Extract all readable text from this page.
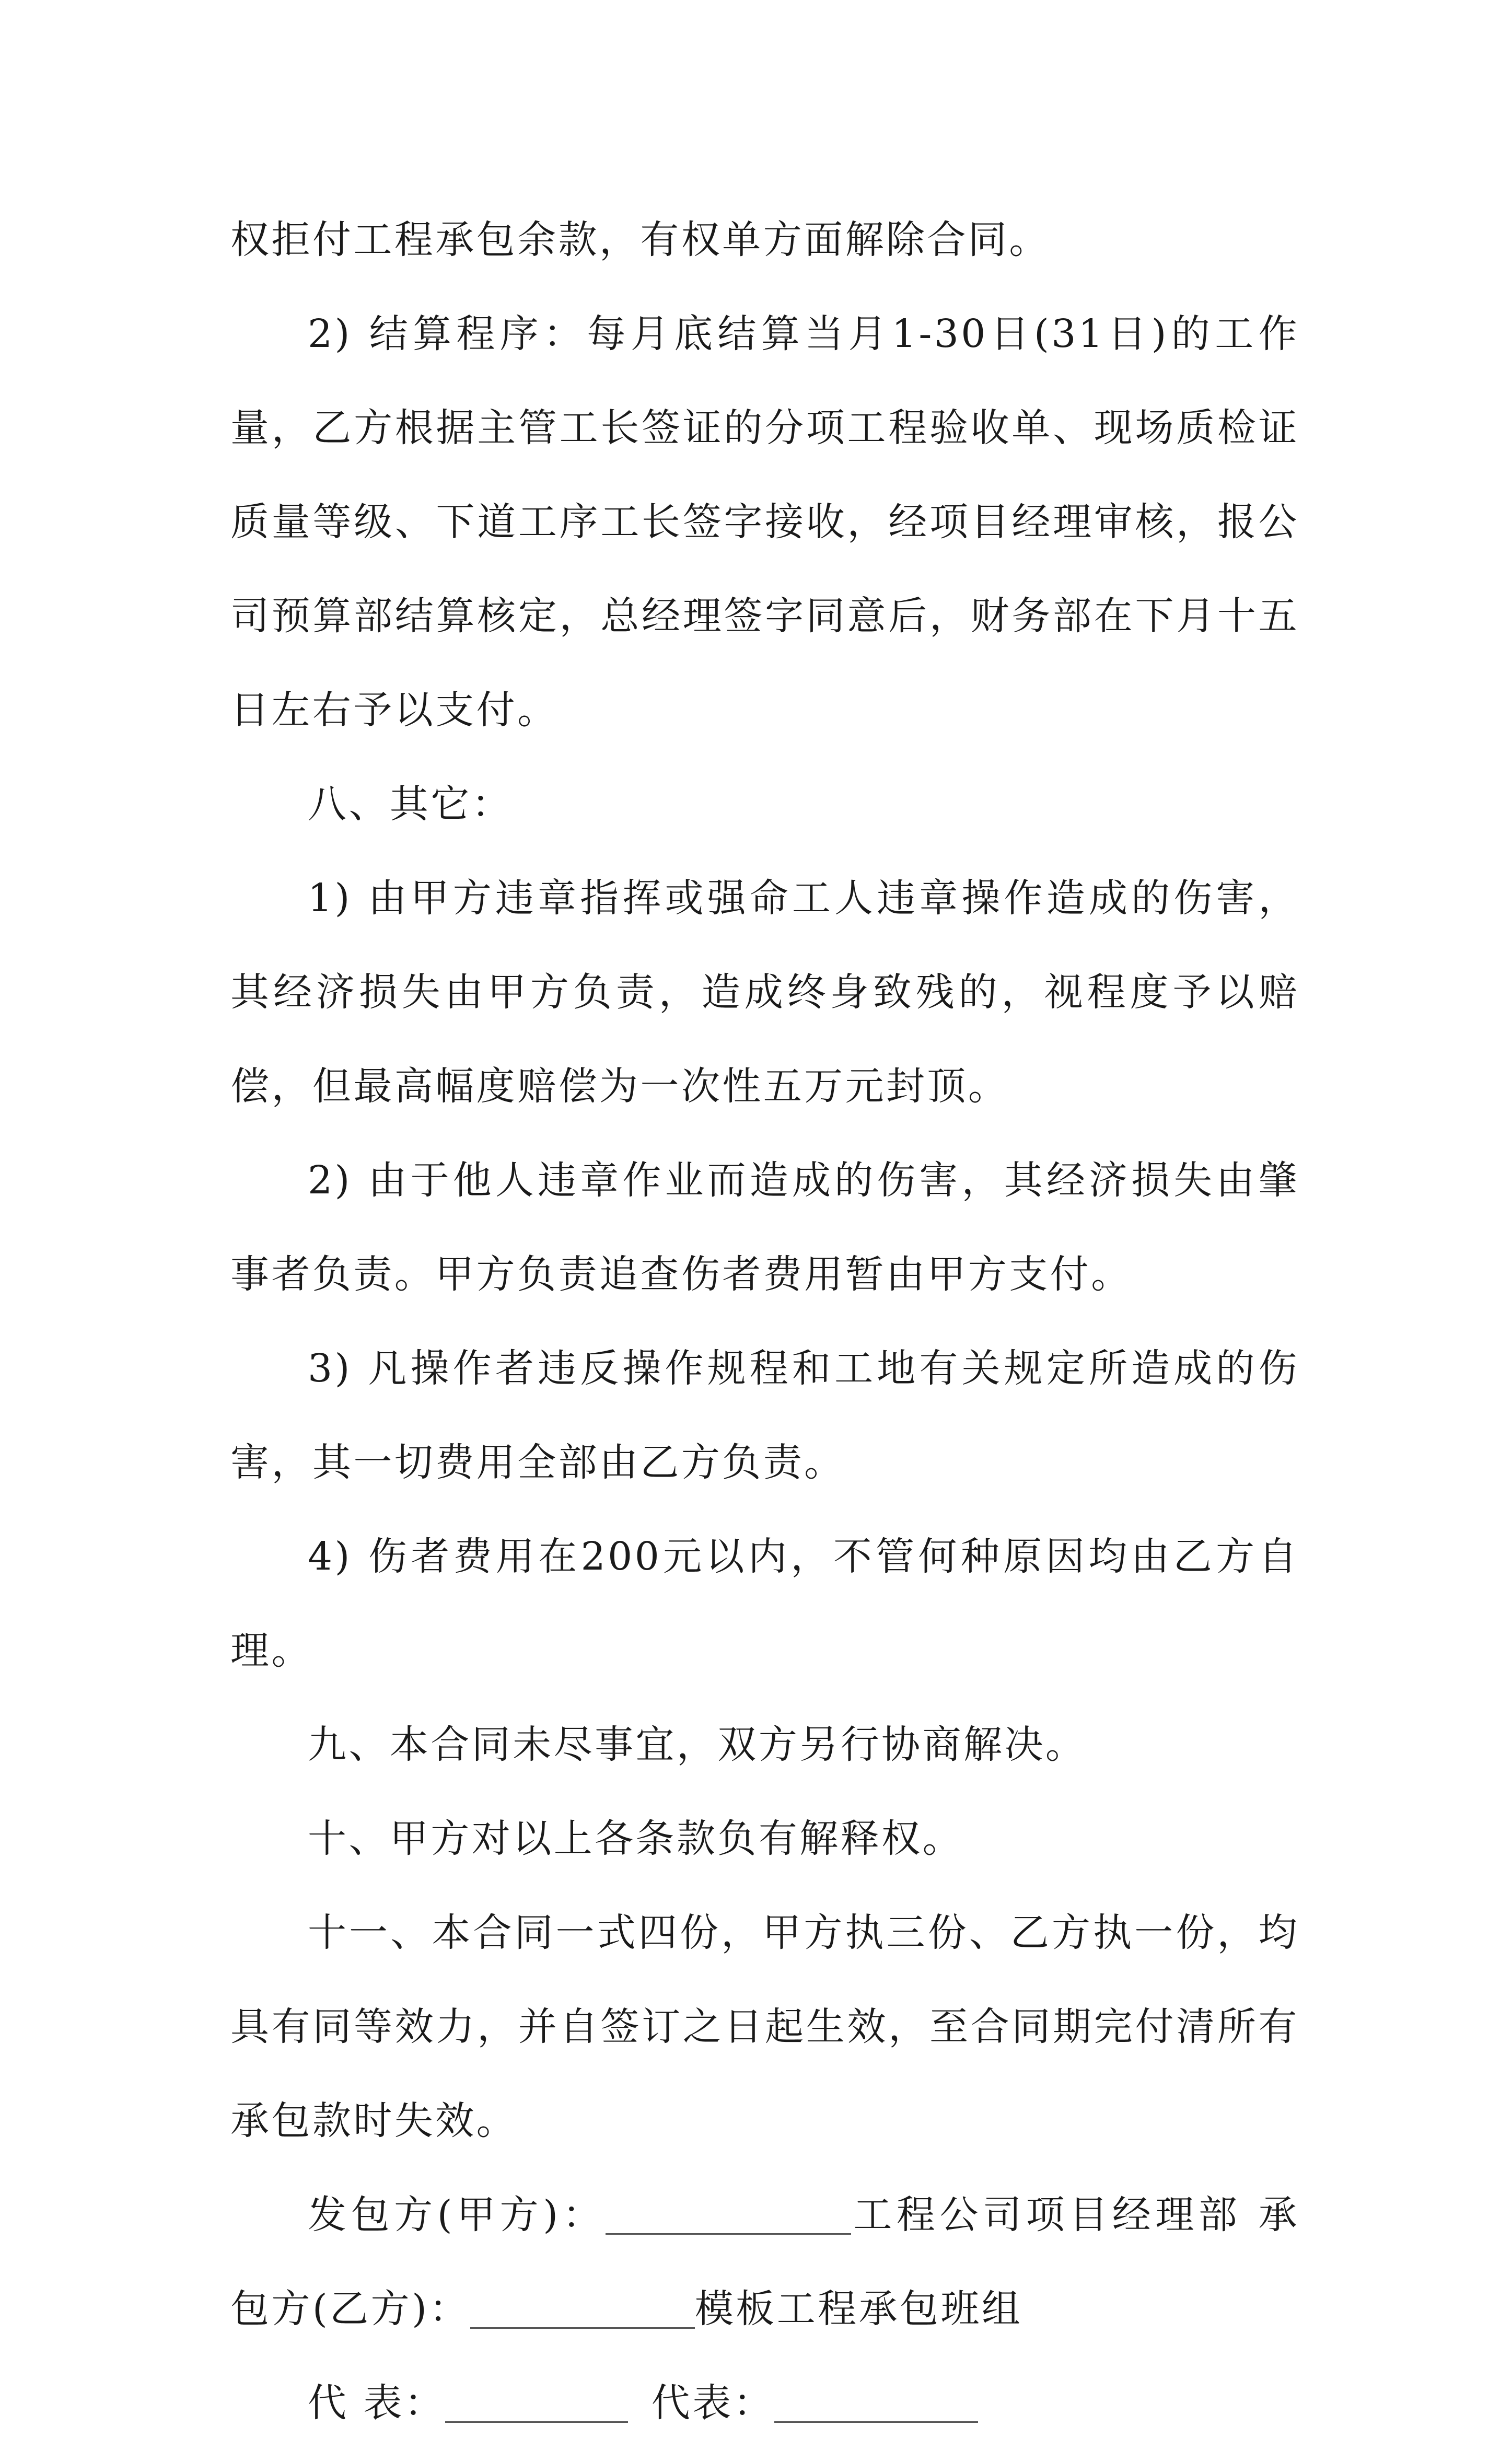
权拒付工程承包余款，有权单方面解除合同。

2) 结算程序：每月底结算当月1-30日(31日)的工作量，乙方根据主管工长签证的分项工程验收单、现场质检证质量等级、下道工序工长签字接收，经项目经理审核，报公司预算部结算核定，总经理签字同意后，财务部在下月十五日左右予以支付。

八、其它：

1) 由甲方违章指挥或强命工人违章操作造成的伤害，其经济损失由甲方负责，造成终身致残的，视程度予以赔偿，但最高幅度赔偿为一次性五万元封顶。

2) 由于他人违章作业而造成的伤害，其经济损失由肇事者负责。甲方负责追查伤者费用暂由甲方支付。

3) 凡操作者违反操作规程和工地有关规定所造成的伤害，其一切费用全部由乙方负责。

4) 伤者费用在200元以内，不管何种原因均由乙方自理。

九、本合同未尽事宜，双方另行协商解决。

十、甲方对以上各条款负有解释权。

十一、本合同一式四份，甲方执三份、乙方执一份，均具有同等效力，并自签订之日起生效，至合同期完付清所有承包款时失效。

发包方(甲方)：	工程公司项目经理部 承包方(乙方)：	模板工程承包班组

代 表：	代表：
